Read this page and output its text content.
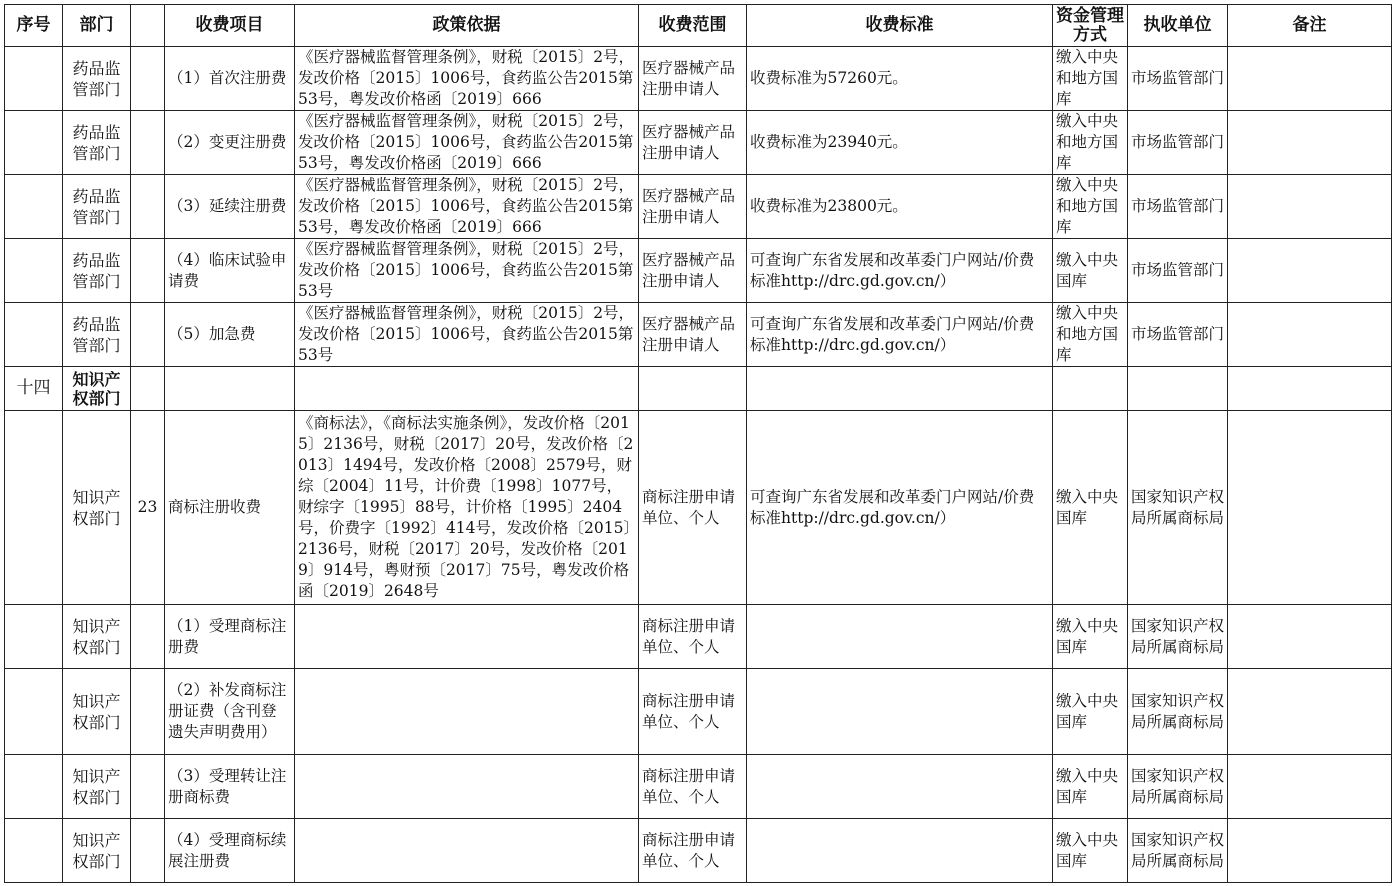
序号	部门		收费项目	政策依据	收费范围	收费标准	资金管理方式	执收单位	备注
	药品监管部门		（1）首次注册费	《医疗器械监督管理条例》，财税〔2015〕2号，发改价格〔2015〕1006号，食药监公告2015第53号，粤发改价格函〔2019〕666	医疗器械产品注册申请人	收费标准为57260元。	缴入中央和地方国库	市场监管部门	
	药品监管部门		（2）变更注册费	《医疗器械监督管理条例》，财税〔2015〕2号，发改价格〔2015〕1006号，食药监公告2015第53号，粤发改价格函〔2019〕666	医疗器械产品注册申请人	收费标准为23940元。	缴入中央和地方国库	市场监管部门	
	药品监管部门		（3）延续注册费	《医疗器械监督管理条例》，财税〔2015〕2号，发改价格〔2015〕1006号，食药监公告2015第53号，粤发改价格函〔2019〕666	医疗器械产品注册申请人	收费标准为23800元。	缴入中央和地方国库	市场监管部门	
	药品监管部门		（4）临床试验申请费	《医疗器械监督管理条例》，财税〔2015〕2号，发改价格〔2015〕1006号，食药监公告2015第53号	医疗器械产品注册申请人	可查询广东省发展和改革委门户网站/价费标准http://drc.gd.gov.cn/）	缴入中央国库	市场监管部门	
	药品监管部门		（5）加急费	《医疗器械监督管理条例》，财税〔2015〕2号，发改价格〔2015〕1006号，食药监公告2015第53号	医疗器械产品注册申请人	可查询广东省发展和改革委门户网站/价费标准http://drc.gd.gov.cn/）	缴入中央和地方国库	市场监管部门	
十四	知识产权部门								
	知识产权部门	23	商标注册收费	《商标法》，《商标法实施条例》，发改价格〔2015〕2136号，财税〔2017〕20号，发改价格〔2013〕1494号，发改价格〔2008〕2579号，财综〔2004〕11号，计价费〔1998〕1077号，财综字〔1995〕88号，计价格〔1995〕2404号，价费字〔1992〕414号，发改价格〔2015〕2136号，财税〔2017〕20号，发改价格〔2019〕914号，粤财预〔2017〕75号，粤发改价格函〔2019〕2648号	商标注册申请单位、个人	可查询广东省发展和改革委门户网站/价费标准http://drc.gd.gov.cn/）	缴入中央国库	国家知识产权局所属商标局	
	知识产权部门		（1）受理商标注册费		商标注册申请单位、个人		缴入中央国库	国家知识产权局所属商标局	
	知识产权部门		（2）补发商标注册证费（含刊登遗失声明费用）		商标注册申请单位、个人		缴入中央国库	国家知识产权局所属商标局	
	知识产权部门		（3）受理转让注册商标费		商标注册申请单位、个人		缴入中央国库	国家知识产权局所属商标局	
	知识产权部门		（4）受理商标续展注册费		商标注册申请单位、个人		缴入中央国库	国家知识产权局所属商标局	
